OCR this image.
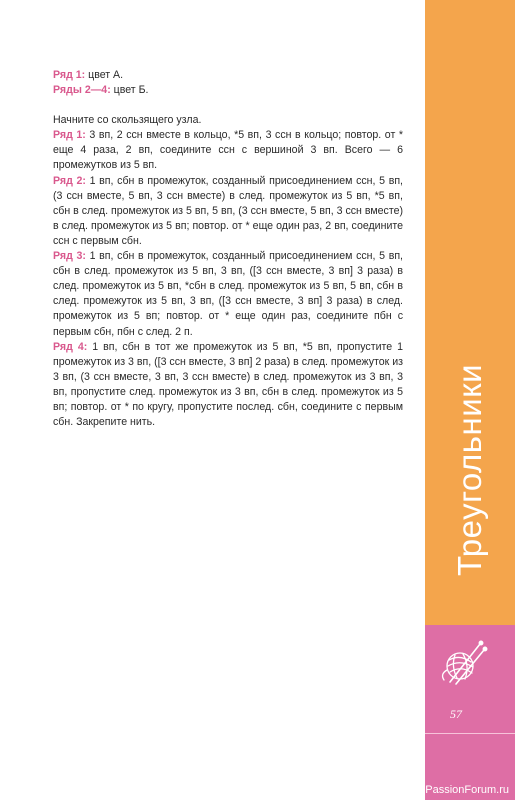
Ряд 1: цвет А.

Ряды 2—4: цвет Б.

Начните со скользящего узла.

Ряд 1: 3 вп, 2 ссн вместе в кольцо, *5 вп, 3 ссн в кольцо; повтор. от * еще 4 раза, 2 вп, соедините ссн с вершиной 3 вп. Всего — 6 промежутков из 5 вп.

Ряд 2: 1 вп, сбн в промежуток, созданный присоединением ссн, 5 вп, (3 ссн вместе, 5 вп, 3 ссн вместе) в след. промежуток из 5 вп, *5 вп, сбн в след. промежуток из 5 вп, 5 вп, (3 ссн вместе, 5 вп, 3 ссн вместе) в след. промежуток из 5 вп; повтор. от * еще один раз, 2 вп, соедините ссн с первым сбн.

Ряд 3: 1 вп, сбн в промежуток, созданный присоединением ссн, 5 вп, сбн в след. промежуток из 5 вп, 3 вп, ([3 ссн вместе, 3 вп] 3 раза) в след. промежуток из 5 вп, *сбн в след. промежуток из 5 вп, 5 вп, сбн в след. промежуток из 5 вп, 3 вп, ([3 ссн вместе, 3 вп] 3 раза) в след. промежуток из 5 вп; повтор. от * еще один раз, соедините пбн с первым сбн, пбн с след. 2 п.

Ряд 4: 1 вп, сбн в тот же промежуток из 5 вп, *5 вп, пропустите 1 промежуток из 3 вп, ([3 ссн вместе, 3 вп] 2 раза) в след. промежуток из 3 вп, (3 ссн вместе, 3 вп, 3 ссн вместе) в след. промежуток из 3 вп, 3 вп, пропустите след. промежуток из 3 вп, сбн в след. промежуток из 5 вп; повтор. от * по кругу, пропустите послед. сбн, соедините с первым сбн. Закрепите нить.	Треугольники
57
PassionForum.ru
